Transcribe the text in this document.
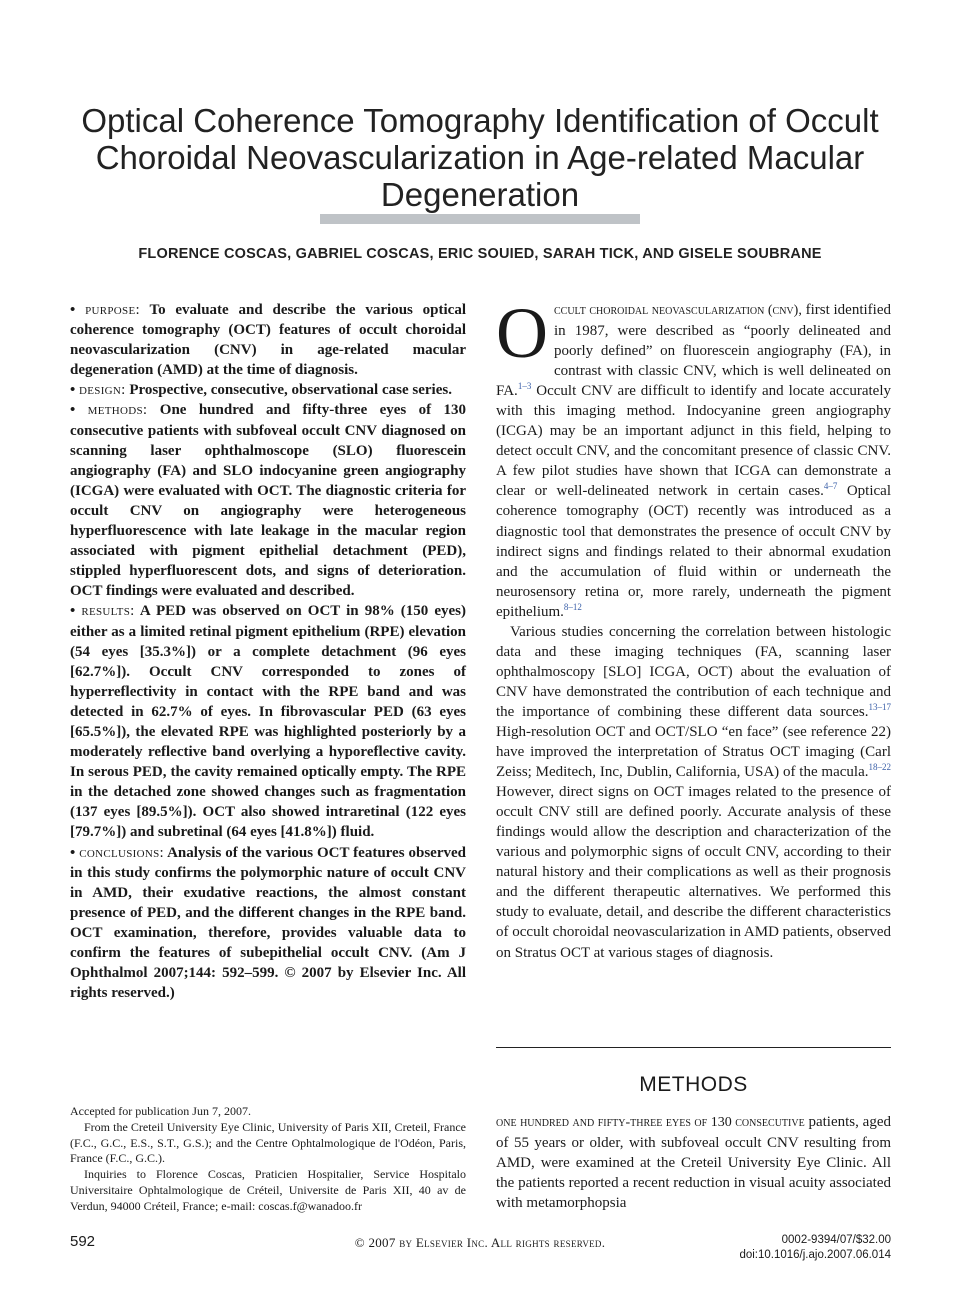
Optical Coherence Tomography Identification of Occult Choroidal Neovascularization in Age-related Macular Degeneration
FLORENCE COSCAS, GABRIEL COSCAS, ERIC SOUIED, SARAH TICK, AND GISELE SOUBRANE

• purpose: To evaluate and describe the various optical coherence tomography (OCT) features of occult choroidal neovascularization (CNV) in age-related macular degeneration (AMD) at the time of diagnosis.

• design: Prospective, consecutive, observational case series.

• methods: One hundred and fifty-three eyes of 130 consecutive patients with subfoveal occult CNV diagnosed on scanning laser ophthalmoscope (SLO) fluorescein angiography (FA) and SLO indocyanine green angiography (ICGA) were evaluated with OCT. The diagnostic criteria for occult CNV on angiography were heterogeneous hyperfluorescence with late leakage in the macular region associated with pigment epithelial detachment (PED), stippled hyperfluorescent dots, and signs of deterioration. OCT findings were evaluated and described.

• results: A PED was observed on OCT in 98% (150 eyes) either as a limited retinal pigment epithelium (RPE) elevation (54 eyes [35.3%]) or a complete detachment (96 eyes [62.7%]). Occult CNV corresponded to zones of hyperreflectivity in contact with the RPE band and was detected in 62.7% of eyes. In fibrovascular PED (63 eyes [65.5%]), the elevated RPE was highlighted posteriorly by a moderately reflective band overlying a hyporeflective cavity. In serous PED, the cavity remained optically empty. The RPE in the detached zone showed changes such as fragmentation (137 eyes [89.5%]). OCT also showed intraretinal (122 eyes [79.7%]) and subretinal (64 eyes [41.8%]) fluid.

• conclusions: Analysis of the various OCT features observed in this study confirms the polymorphic nature of occult CNV in AMD, their exudative reactions, the almost constant presence of PED, and the different changes in the RPE band. OCT examination, therefore, provides valuable data to confirm the features of subepithelial occult CNV. (Am J Ophthalmol 2007;144: 592–599. © 2007 by Elsevier Inc. All rights reserved.)

Accepted for publication Jun 7, 2007.

From the Creteil University Eye Clinic, University of Paris XII, Creteil, France (F.C., G.C., E.S., S.T., G.S.); and the Centre Ophtalmologique de l'Odéon, Paris, France (F.C., G.C.).

Inquiries to Florence Coscas, Praticien Hospitalier, Service Hospitalo Universitaire Ophtalmologique de Créteil, Universite de Paris XII, 40 av de Verdun, 94000 Créteil, France; e-mail: coscas.f@wanadoo.fr

Occult choroidal neovascularization (cnv), first identified in 1987, were described as “poorly delineated and poorly defined” on fluorescein angiography (FA), in contrast with classic CNV, which is well delineated on FA.$^{1-3}$ Occult CNV are difficult to identify and locate accurately with this imaging method. Indocyanine green angiography (ICGA) may be an important adjunct in this field, helping to detect occult CNV, and the concomitant presence of classic CNV. A few pilot studies have shown that ICGA can demonstrate a clear or well-delineated network in certain cases.$^{4-7}$ Optical coherence tomography (OCT) recently was introduced as a diagnostic tool that demonstrates the presence of occult CNV by indirect signs and findings related to their abnormal exudation and the accumulation of fluid within or underneath the neurosensory retina or, more rarely, underneath the pigment epithelium.$^{8-12}$

Various studies concerning the correlation between histologic data and these imaging techniques (FA, scanning laser ophthalmoscopy [SLO] ICGA, OCT) about the evaluation of CNV have demonstrated the contribution of each technique and the importance of combining these different data sources.$^{13-17}$ High-resolution OCT and OCT/SLO “en face” (see reference 22) have improved the interpretation of Stratus OCT imaging (Carl Zeiss; Meditech, Inc, Dublin, California, USA) of the macula.$^{18-22}$ However, direct signs on OCT images related to the presence of occult CNV still are defined poorly. Accurate analysis of these findings would allow the description and characterization of the various and polymorphic signs of occult CNV, according to their natural history and their complications as well as their prognosis and the different therapeutic alternatives. We performed this study to evaluate, detail, and describe the different characteristics of occult choroidal neovascularization in AMD patients, observed on Stratus OCT at various stages of diagnosis.

METHODS

one hundred and fifty-three eyes of 130 consecutive patients, aged of 55 years or older, with subfoveal occult CNV resulting from AMD, were examined at the Creteil University Eye Clinic. All the patients reported a recent reduction in visual acuity associated with metamorphopsia

592	© 2007 by Elsevier Inc. All rights reserved.	0002-9394/07/$32.00
doi:10.1016/j.ajo.2007.06.014
